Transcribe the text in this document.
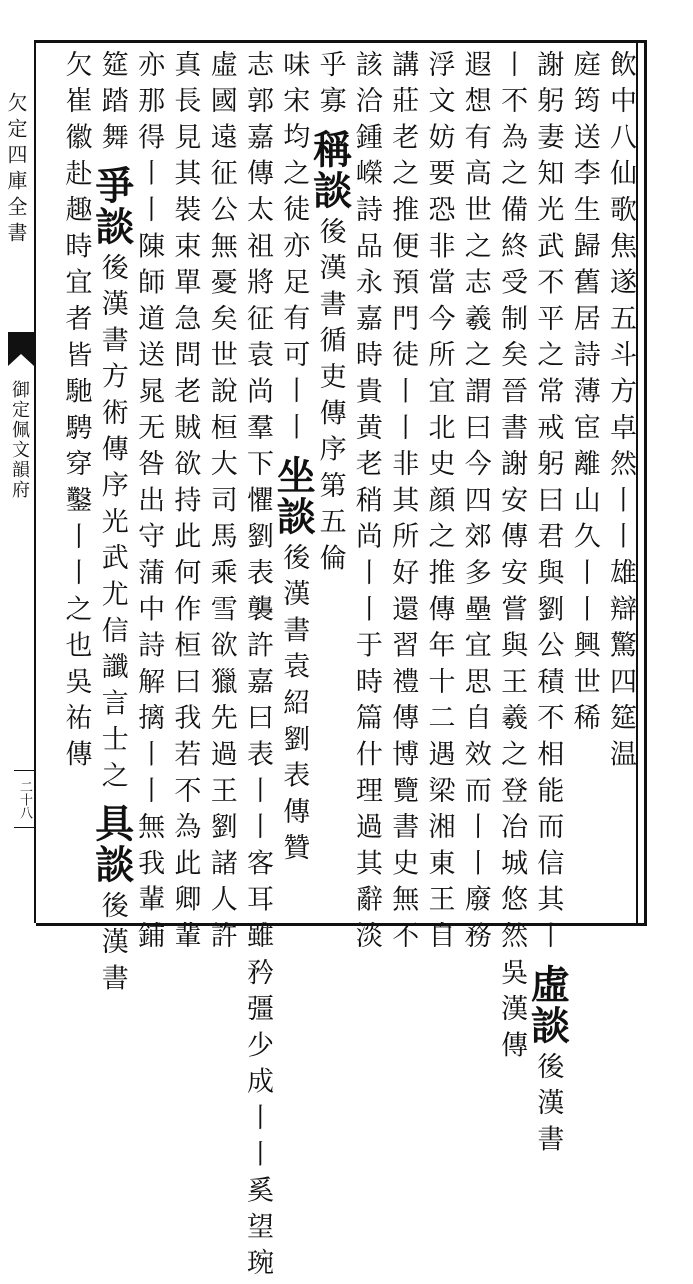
欠定四庫全書
御定佩文韻府
二十八
飲中八仙歌焦遂五斗方卓然丨丨雄辯驚四筵温
庭筠送李生歸舊居詩薄宦離山久丨丨興世稀
謝躬妻知光武不平之常戒躬曰君與劉公積不相能而信其丨
虛談
後漢書
丨不為之備終受制矣晉書謝安傳安嘗與王羲之登冶城悠然
吳漢傳
遐想有高世之志羲之謂曰今四郊多壘宜思自效而丨丨廢務
浮文妨要恐非當今所宜北史顔之推傳年十二遇梁湘東王自
講莊老之推便預門徒丨丨非其所好還習禮傳博覽書史無不
該洽鍾嶸詩品永嘉時貴黄老稍尚丨丨于時篇什理過其辭淡
乎寡
稱談
後漢書循吏傳序第五倫
味
宋均之徒亦足有可丨丨
坐談
後漢書袁紹劉表傳贊
志郭嘉傳太祖將征袁尚羣下懼劉表襲許嘉曰表丨丨客耳雖
矜彊少成丨丨奚望琬
虛國遠征公無憂矣世說桓大司馬乘雪欲獵先過王劉諸人許
真長見其裝束單急問老賊欲持此何作桓曰我若不為此卿輩
亦那得丨丨陳師道送晁无咎出守蒲中詩解摛丨丨無我輩鋪
筵踏舞
爭談
後漢書方術傳序光武尤信讖言士之
具談
後漢書
欠崔徽
赴趣時宜者皆馳騁穿鑿丨丨之也
吳祐傳
